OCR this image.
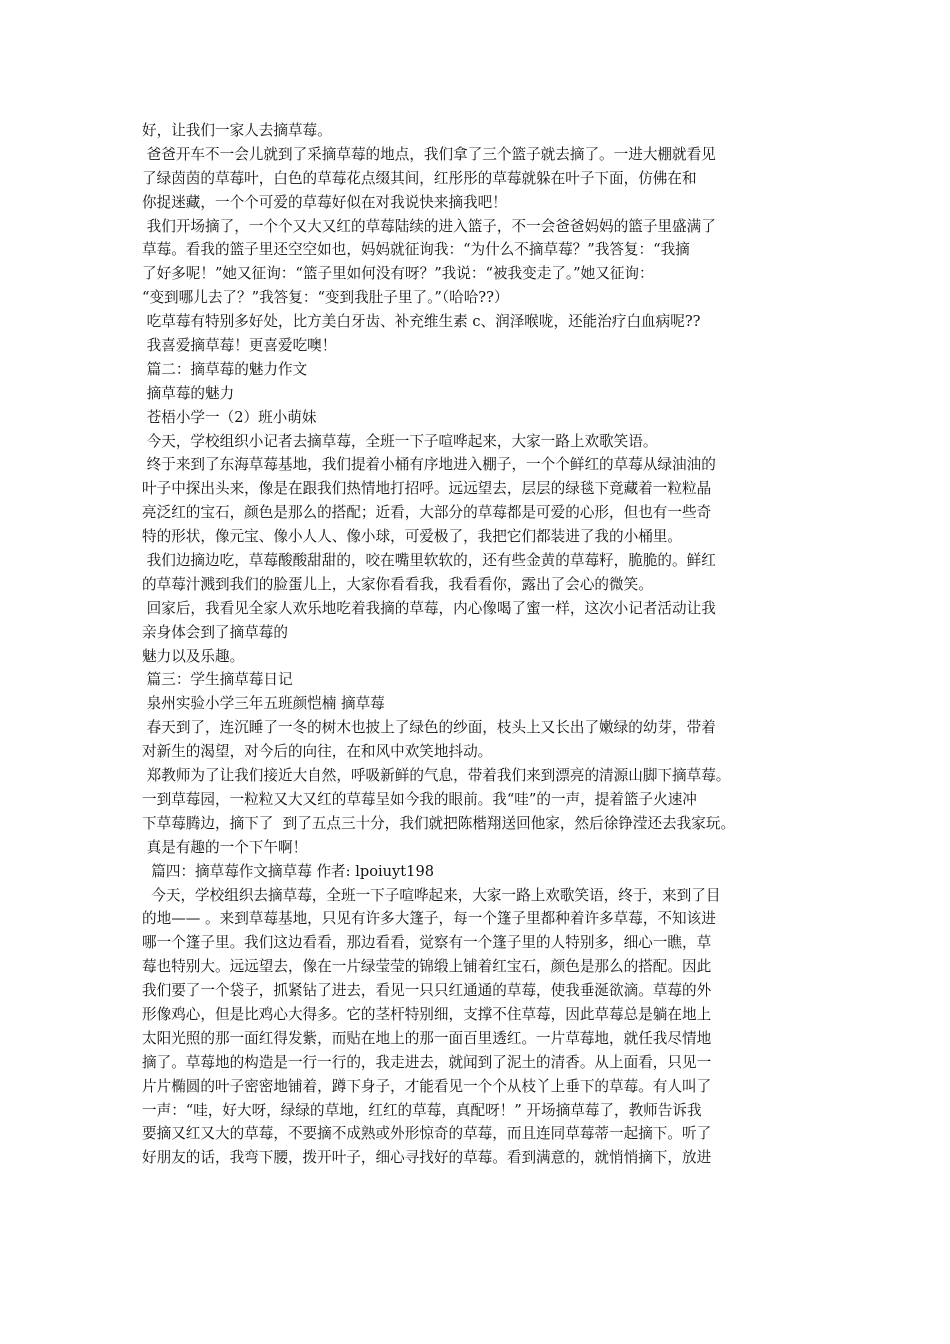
好，让我们一家人去摘草莓。
爸爸开车不一会儿就到了采摘草莓的地点，我们拿了三个篮子就去摘了。一进大棚就看见
了绿茵茵的草莓叶，白色的草莓花点缀其间，红彤彤的草莓就躲在叶子下面，仿佛在和
你捉迷藏，一个个可爱的草莓好似在对我说快来摘我吧！
我们开场摘了，一个个又大又红的草莓陆续的进入篮子，不一会爸爸妈妈的篮子里盛满了
草莓。看我的篮子里还空空如也，妈妈就征询我：“为什么不摘草莓？”我答复：“我摘
了好多呢！”她又征询：“篮子里如何没有呀？”我说：“被我变走了。”她又征询：
“变到哪儿去了？”我答复：“变到我肚子里了。”（哈哈??）
吃草莓有特别多好处，比方美白牙齿、补充维生素 c、润泽喉咙，还能治疗白血病呢??
我喜爱摘草莓！更喜爱吃噢！
篇二：摘草莓的魅力作文
摘草莓的魅力
苍梧小学一（2）班小萌妹
今天，学校组织小记者去摘草莓，全班一下子喧哗起来，大家一路上欢歌笑语。
终于来到了东海草莓基地，我们提着小桶有序地进入棚子，一个个鲜红的草莓从绿油油的
叶子中探出头来，像是在跟我们热情地打招呼。远远望去，层层的绿毯下竟藏着一粒粒晶
亮泛红的宝石，颜色是那么的搭配；近看，大部分的草莓都是可爱的心形，但也有一些奇
特的形状，像元宝、像小人人、像小球，可爱极了，我把它们都装进了我的小桶里。
我们边摘边吃，草莓酸酸甜甜的，咬在嘴里软软的，还有些金黄的草莓籽，脆脆的。鲜红
的草莓汁溅到我们的脸蛋儿上，大家你看看我，我看看你，露出了会心的微笑。
回家后，我看见全家人欢乐地吃着我摘的草莓，内心像喝了蜜一样，这次小记者活动让我
亲身体会到了摘草莓的
魅力以及乐趣。
篇三：学生摘草莓日记
泉州实验小学三年五班颜恺楠 摘草莓
春天到了，连沉睡了一冬的树木也披上了绿色的纱面，枝头上又长出了嫩绿的幼芽，带着
对新生的渴望，对今后的向往，在和风中欢笑地抖动。
郑教师为了让我们接近大自然，呼吸新鲜的气息，带着我们来到漂亮的清源山脚下摘草莓。
一到草莓园，一粒粒又大又红的草莓呈如今我的眼前。我“哇”的一声，提着篮子火速冲
下草莓腾边，摘下了  到了五点三十分，我们就把陈楷翔送回他家，然后徐铮滢还去我家玩。
真是有趣的一个下午啊！
篇四：摘草莓作文摘草莓 作者: lpoiuyt198
今天，学校组织去摘草莓，全班一下子喧哗起来，大家一路上欢歌笑语，终于，来到了目
的地—— 。来到草莓基地，只见有许多大篷子，每一个篷子里都种着许多草莓，不知该进
哪一个篷子里。我们这边看看，那边看看，觉察有一个篷子里的人特别多，细心一瞧，草
莓也特别大。远远望去，像在一片绿莹莹的锦缎上铺着红宝石，颜色是那么的搭配。因此
我们要了一个袋子，抓紧钻了进去，看见一只只红通通的草莓，使我垂涎欲滴。草莓的外
形像鸡心，但是比鸡心大得多。它的茎杆特别细，支撑不住草莓，因此草莓总是躺在地上
太阳光照的那一面红得发紫，而贴在地上的那一面百里透红。一片草莓地，就任我尽情地
摘了。草莓地的构造是一行一行的，我走进去，就闻到了泥土的清香。从上面看，只见一
片片椭圆的叶子密密地铺着，蹲下身子，才能看见一个个从枝丫上垂下的草莓。有人叫了
一声：“哇，好大呀，绿绿的草地，红红的草莓，真配呀！” 开场摘草莓了，教师告诉我
要摘又红又大的草莓，不要摘不成熟或外形惊奇的草莓，而且连同草莓蒂一起摘下。听了
好朋友的话，我弯下腰，拨开叶子，细心寻找好的草莓。看到满意的，就悄悄摘下，放进
